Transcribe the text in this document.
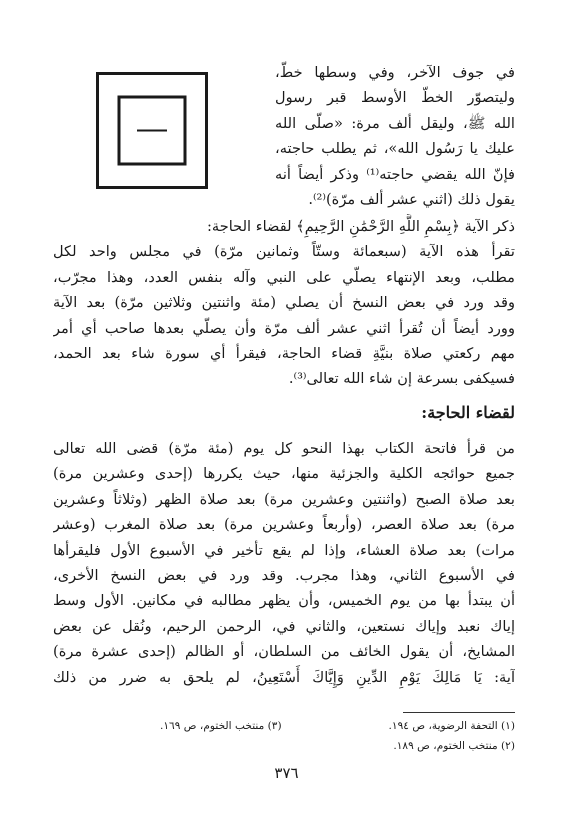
في جوف الآخر، وفي وسطها خطّ،
وليتصوّر الخطّ الأوسط قبر رسول
الله ﷺ، وليقل ألف مرة: «صلّى الله
عليك يا رَسُول الله»، ثم يطلب حاجته،
فإنّ الله يقضي حاجته⁽¹⁾ وذكر أيضاً أنه
يقول ذلك (اثني عشر ألف مرّة)⁽²⁾.
ذكر الآية ﴿بِسْمِ اللَّهِ الرَّحْمَٰنِ الرَّحِيمِ﴾ لقضاء الحاجة:
تقرأ هذه الآية (سبعمائة وستّاً وثمانين مرّة) في مجلس واحد لكل
مطلب، وبعد الإنتهاء يصلّي على النبي وآله بنفس العدد، وهذا مجرّب،
وقد ورد في بعض النسخ أن يصلي (مئة واثنتين وثلاثين مرّة) بعد الآية
وورد أيضاً أن تُقرأ اثني عشر ألف مرّة وأن يصلّي بعدها صاحب أي أمر
مهم ركعتي صلاة بنيَّةِ قضاء الحاجة، فيقرأ أي سورة شاء بعد الحمد،
فسيكفى بسرعة إن شاء الله تعالى⁽³⁾.
لقضاء الحاجة:
من قرأ فاتحة الكتاب بهذا النحو كل يوم (مئة مرّة) قضى الله تعالى
جميع حوائجه الكلية والجزئية منها، حيث يكررها (إحدى وعشرين مرة)
بعد صلاة الصبح (واثنتين وعشرين مرة) بعد صلاة الظهر (وثلاثاً وعشرين
مرة) بعد صلاة العصر، (وأربعاً وعشرين مرة) بعد صلاة المغرب (وعشر
مرات) بعد صلاة العشاء، وإذا لم يقع تأخير في الأسبوع الأول فليقرأها
في الأسبوع الثاني، وهذا مجرب. وقد ورد في بعض النسخ الأخرى،
أن يبتدأ بها من يوم الخميس، وأن يظهر مطالبه في مكانين. الأول وسط
إياك نعبد وإياك نستعين، والثاني في، الرحمن الرحيم، ونُقل عن بعض
المشايخ، أن يقول الخائف من السلطان، أو الظالم (إحدى عشرة مرة)
آية: يَا مَالِكَ يَوْمِ الدِّينِ وَإِيَّاكَ أَسْتَعِينُ، لم يلحق به ضرر من ذلك
(١) التحفة الرضوية، ص ١٩٤. (٣) منتخب الختوم، ص ١٦٩.
(٢) منتخب الختوم، ص ١٨٩.
٣٧٦
